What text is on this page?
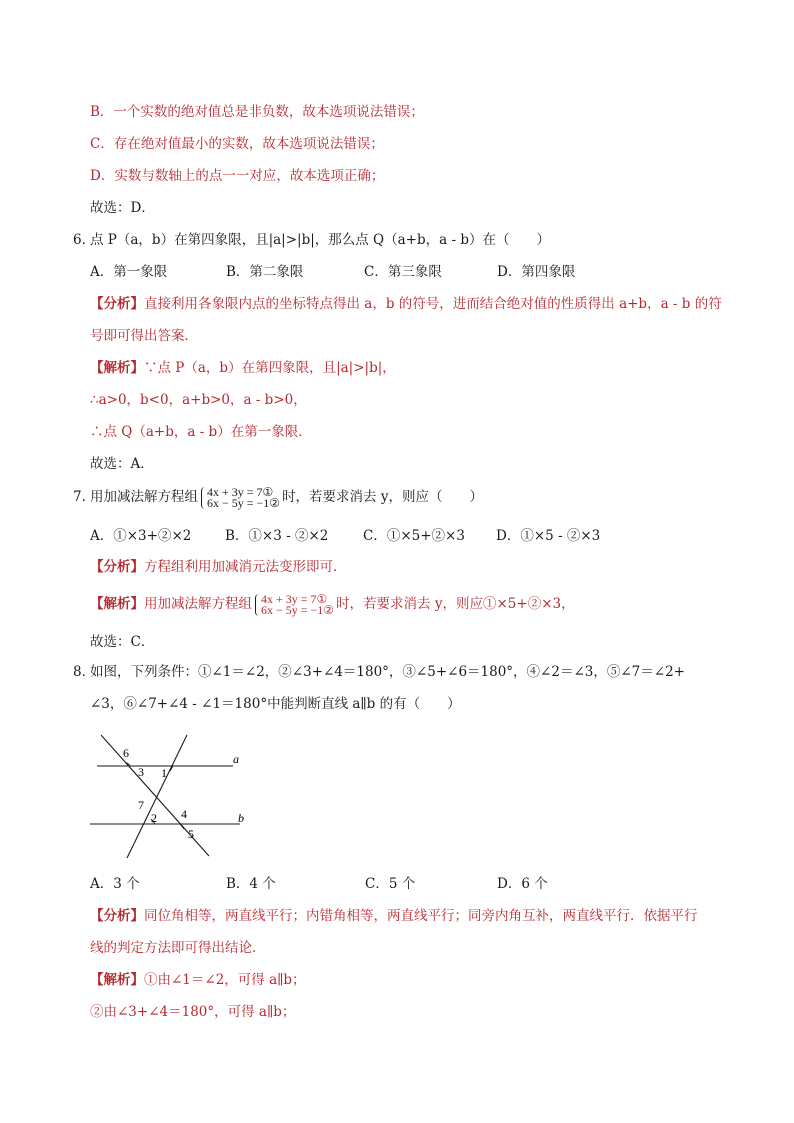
B．一个实数的绝对值总是非负数，故本选项说法错误；
C．存在绝对值最小的实数，故本选项说法错误；
D．实数与数轴上的点一一对应，故本选项正确；
故选：D．
6．
点 P（a，b）在第四象限，且|a|>|b|，那么点 Q（a+b，a - b）在（　　）
A．第一象限	B．第二象限	C．第三象限	D．第四象限
【分析】直接利用各象限内点的坐标特点得出 a，b 的符号，进而结合绝对值的性质得出 a+b，a - b 的符
号即可得出答案．
【解析】∵点 P（a，b）在第四象限，且|a|>|b|，
∴a>0，b<0，a+b>0，a - b>0，
∴点 Q（a+b，a - b）在第一象限．
故选：A．
7．
用加减法解方程组 4x + 3y = 7①
6x − 5y = −1② 时，若要求消去 y，则应（　　）
A．①×3+②×2 B．①×3 - ②×2	C．①×5+②×3 D．①×5 - ②×3
【分析】方程组利用加减消元法变形即可．
【解析】用加减法解方程组 4x + 3y = 7①
6x − 5y = −1② 时，若要求消去 y，则应①×5+②×3，
故选：C．
8．
如图，下列条件：①∠1＝∠2，②∠3+∠4＝180°，③∠5+∠6＝180°，④∠2＝∠3，⑤∠7＝∠2+
∠3，⑥∠7+∠4 - ∠1＝180°中能判断直线 a∥b 的有（　　）
6
3 1
a
7
4
2
5
b
A．3 个	B．4 个	C．5 个	D．6 个
【分析】同位角相等，两直线平行；内错角相等，两直线平行；同旁内角互补，两直线平行．依据平行
线的判定方法即可得出结论．
【解析】①由∠1＝∠2，可得 a∥b；
②由∠3+∠4＝180°，可得 a∥b；
